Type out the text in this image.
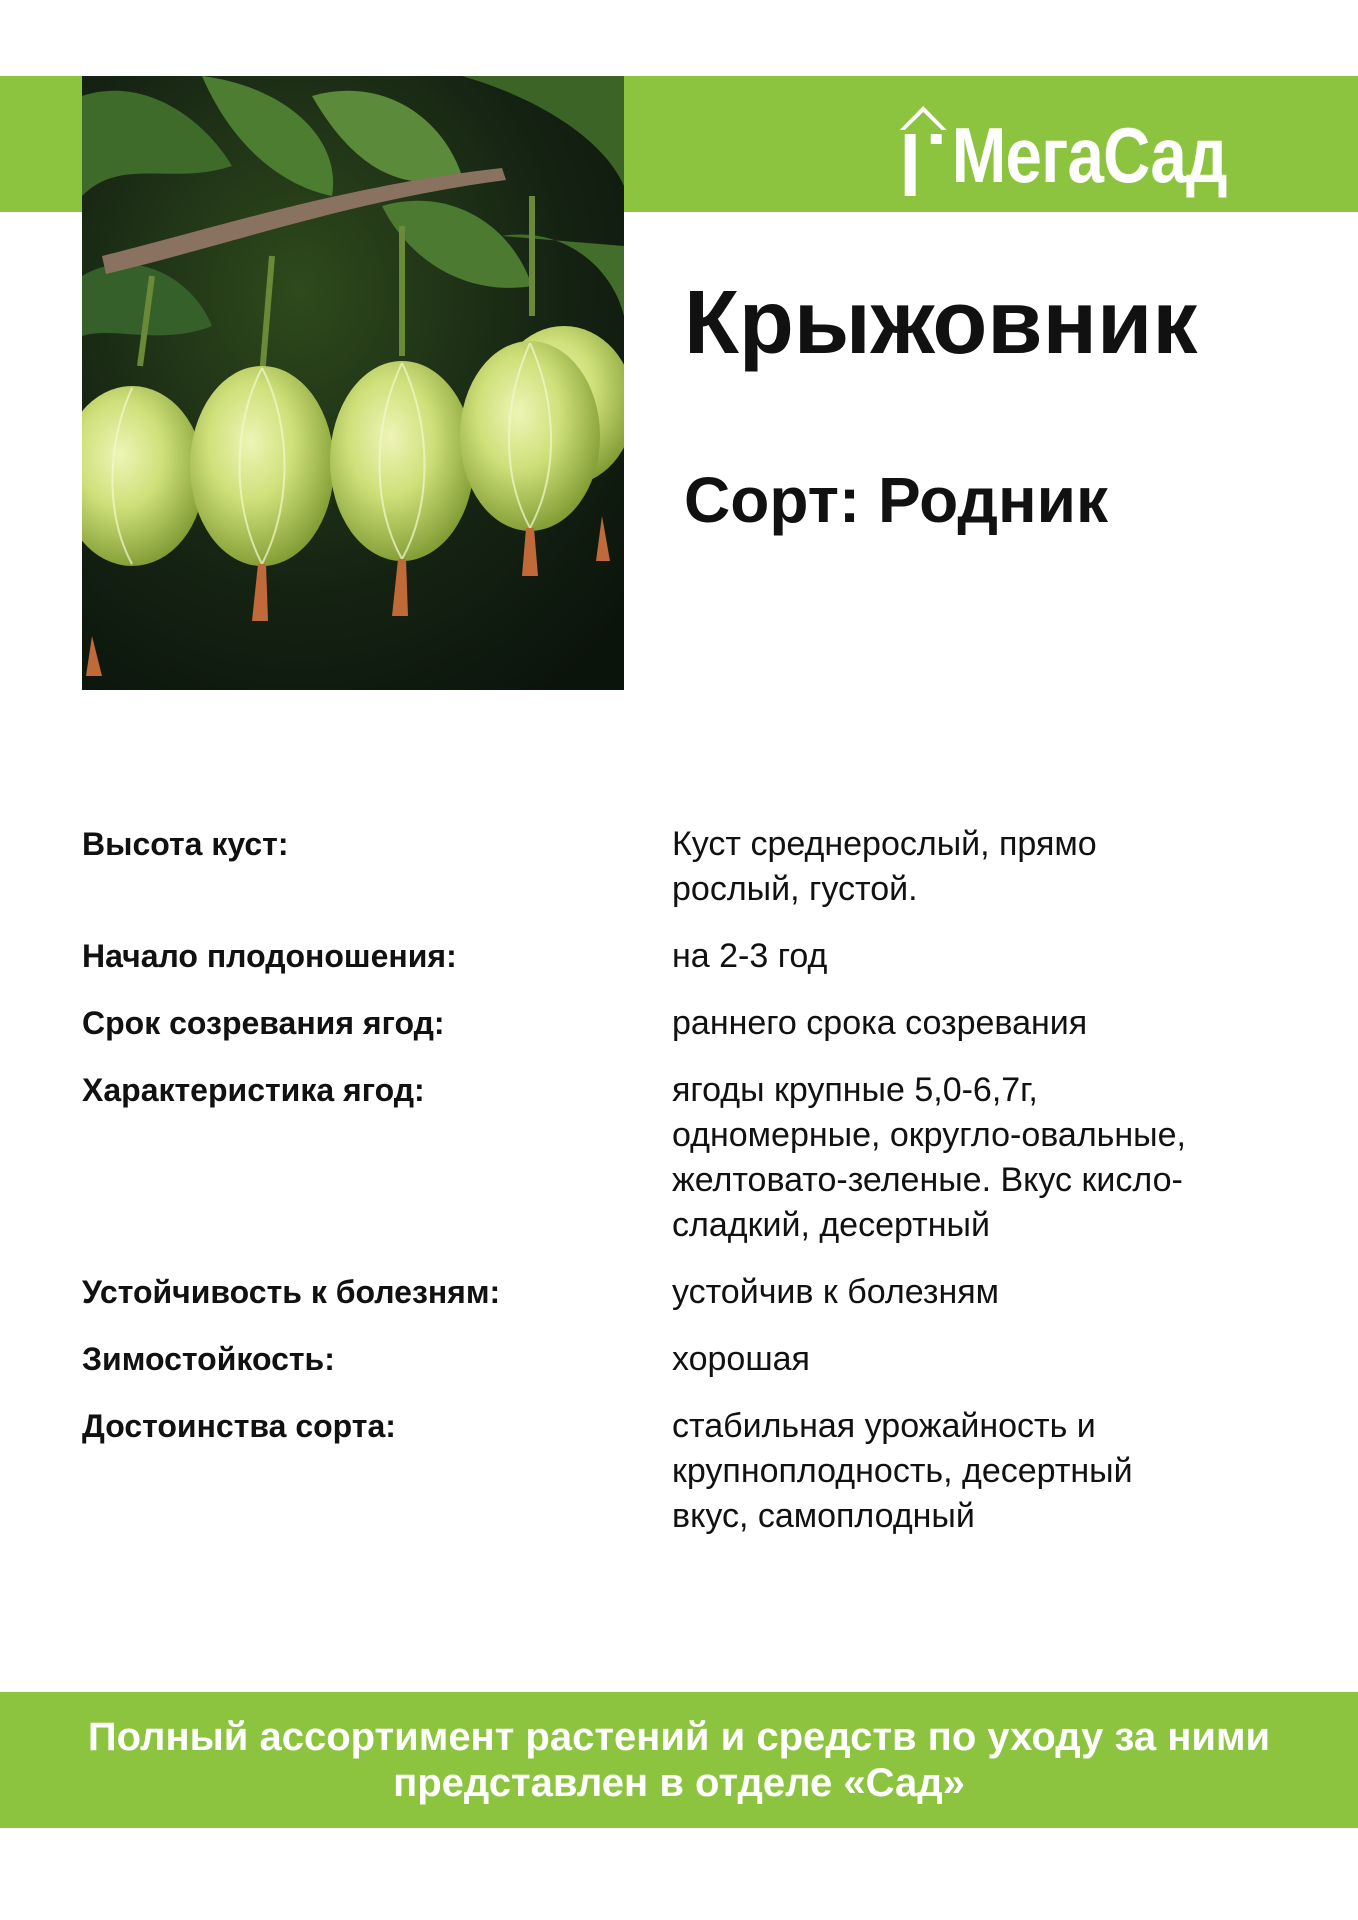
МегаСад
Крыжовник
Сорт: Родник
Высота куст:	Куст среднерослый, прямо
рослый, густой.
Начало плодоношения:	на 2-3 год
Срок созревания ягод:	раннего срока созревания
Характеристика ягод:	ягоды крупные 5,0-6,7г,
одномерные, округло-овальные,
желтовато-зеленые. Вкус кисло-
сладкий, десертный
Устойчивость к болезням:	устойчив к болезням
Зимостойкость:	хорошая
Достоинства сорта:	стабильная урожайность и
крупноплодность, десертный
вкус, самоплодный
Полный ассортимент растений и средств по уходу за ними
представлен в отделе «Сад»
